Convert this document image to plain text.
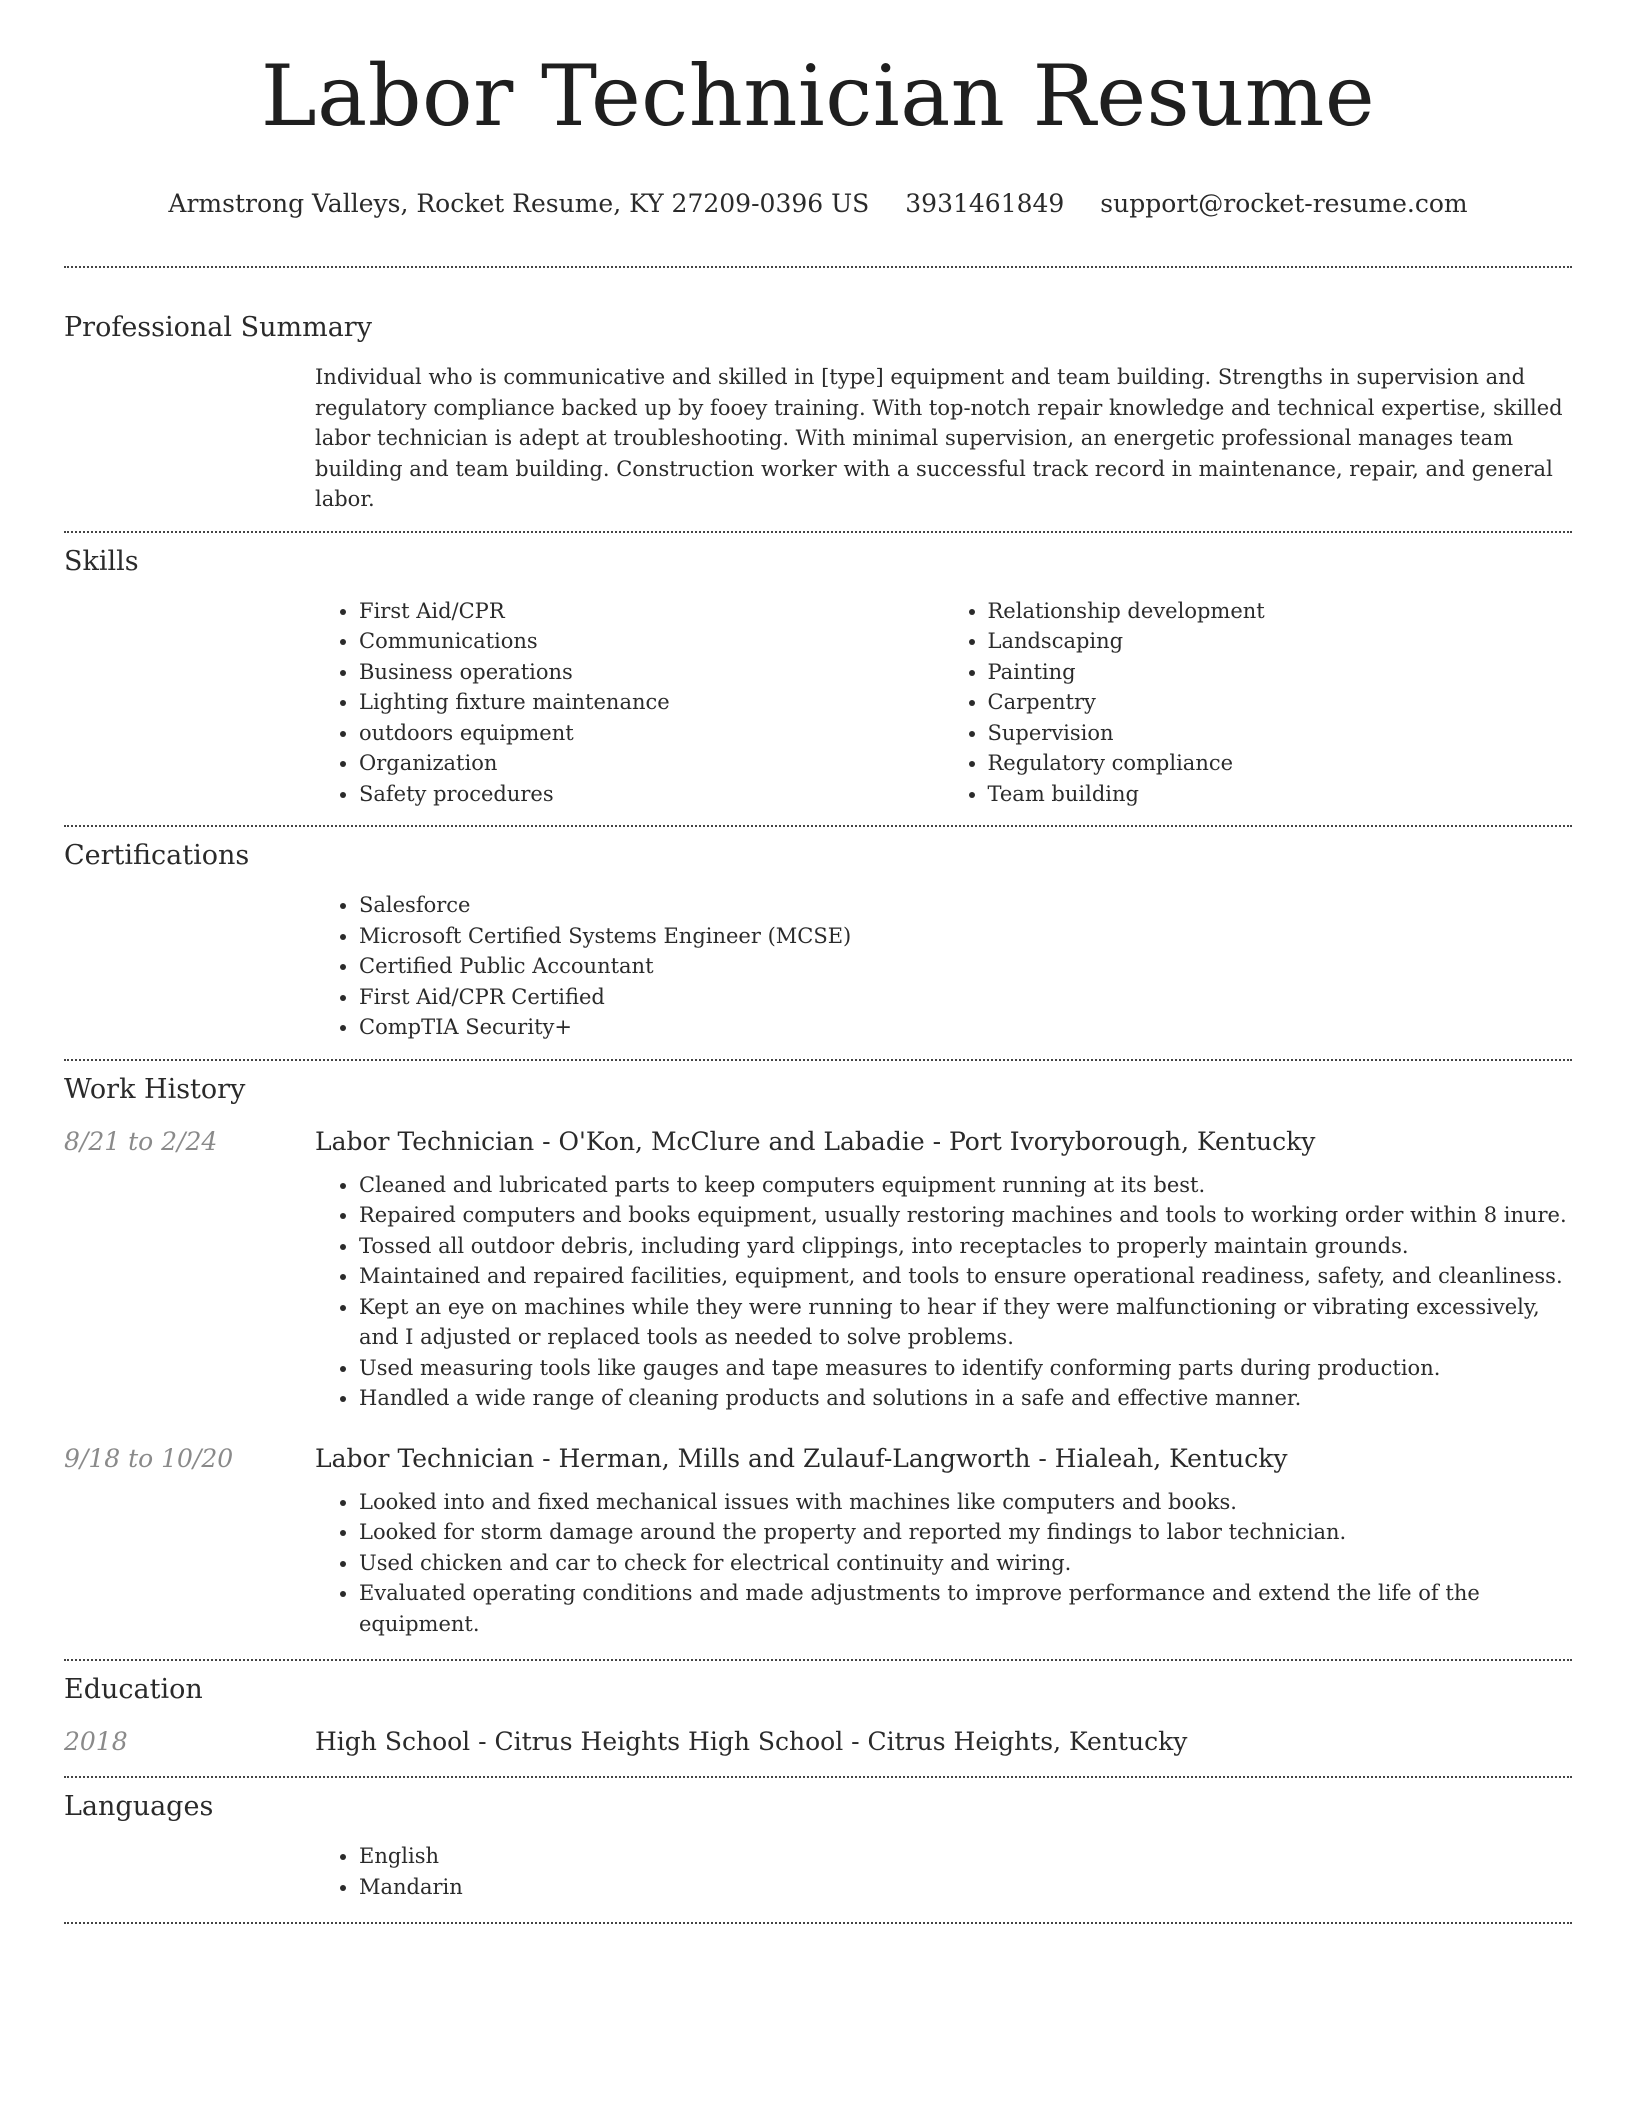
Labor Technician Resume
Armstrong Valleys, Rocket Resume, KY 27209-0396 US 3931461849 support@rocket-resume.com
Professional Summary

Individual who is communicative and skilled in [type] equipment and team building. Strengths in supervision and regulatory compliance backed up by fooey training. With top-notch repair knowledge and technical expertise, skilled labor technician is adept at troubleshooting. With minimal supervision, an energetic professional manages team building and team building. Construction worker with a successful track record in maintenance, repair, and general labor.

Skills
• First Aid/CPR
• Communications
• Business operations
• Lighting fixture maintenance
• outdoors equipment
• Organization
• Safety procedures
• Relationship development
• Landscaping
• Painting
• Carpentry
• Supervision
• Regulatory compliance
• Team building
Certifications
• Salesforce
• Microsoft Certified Systems Engineer (MCSE)
• Certified Public Accountant
• First Aid/CPR Certified
• CompTIA Security+
Work History
8/21 to 2/24	Labor Technician - O'Kon, McClure and Labadie - Port Ivoryborough, Kentucky
• Cleaned and lubricated parts to keep computers equipment running at its best.
• Repaired computers and books equipment, usually restoring machines and tools to working order within 8 inure.
• Tossed all outdoor debris, including yard clippings, into receptacles to properly maintain grounds.
• Maintained and repaired facilities, equipment, and tools to ensure operational readiness, safety, and cleanliness.
• Kept an eye on machines while they were running to hear if they were malfunctioning or vibrating excessively, and I adjusted or replaced tools as needed to solve problems.
• Used measuring tools like gauges and tape measures to identify conforming parts during production.
• Handled a wide range of cleaning products and solutions in a safe and effective manner.
9/18 to 10/20	Labor Technician - Herman, Mills and Zulauf-Langworth - Hialeah, Kentucky
• Looked into and fixed mechanical issues with machines like computers and books.
• Looked for storm damage around the property and reported my findings to labor technician.
• Used chicken and car to check for electrical continuity and wiring.
• Evaluated operating conditions and made adjustments to improve performance and extend the life of the equipment.
Education
2018	High School - Citrus Heights High School - Citrus Heights, Kentucky
Languages
• English
• Mandarin
